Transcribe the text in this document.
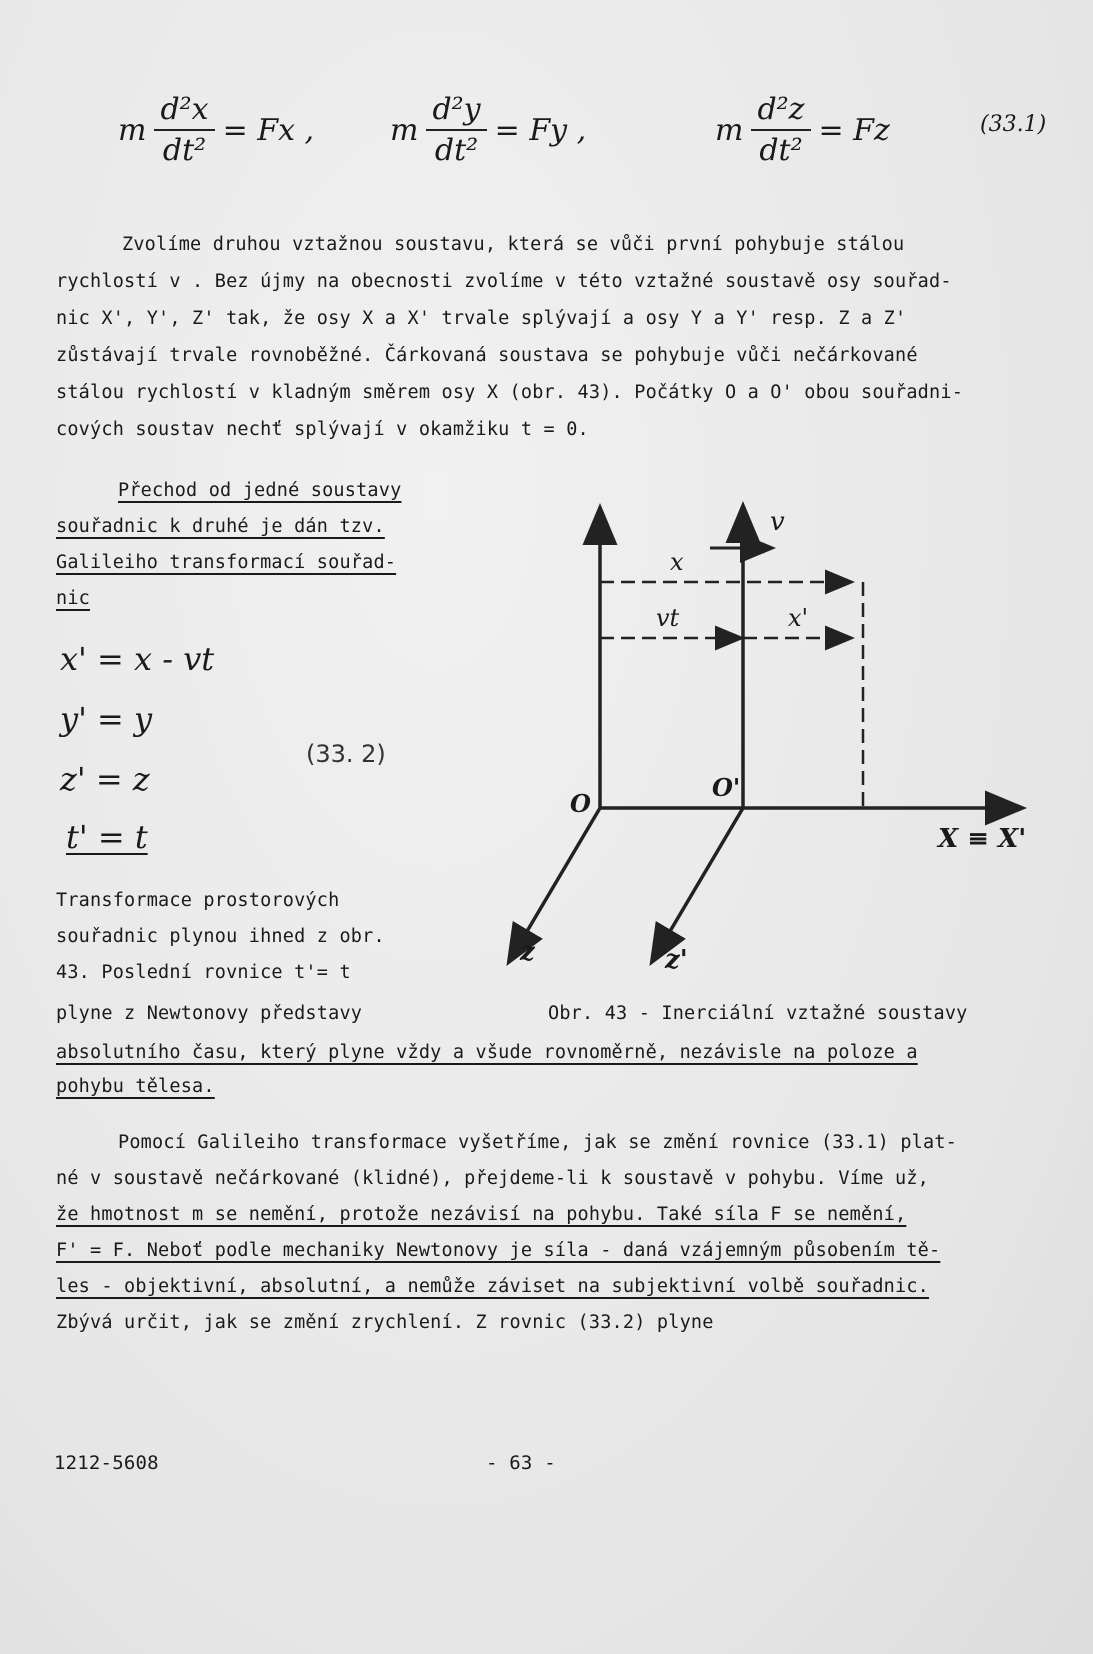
m $\frac{\text{d²x}}{\text{dt²}} = Fx$ ,	m $\frac{\text{d²y}}{\text{dt²}} = Fy$ ,	m $\frac{\text{d²z}}{\text{dt²}} = Fz$	(33.1)

Zvolíme druhou vztažnou soustavu, která se vůči první pohybuje stálou

rychlostí v . Bez újmy na obecnosti zvolíme v této vztažné soustavě osy souřad-

nic X', Y', Z' tak, že osy X a X' trvale splývají a osy Y a Y' resp. Z a Z'

zůstávají trvale rovnoběžné. Čárkovaná soustava se pohybuje vůči nečárkované

stálou rychlostí v kladným směrem osy X (obr. 43). Počátky O a O' obou souřadni-

cových soustav nechť splývají v okamžiku t = 0.

Přechod od jedné soustavy

souřadnic k druhé je dán tzv.

Galileiho transformací souřad-

nic

x' = x - vt
y' = y
z' = z
t' = t
(33. 2)

Transformace prostorových

souřadnic plynou ihned z obr.

43. Poslední rovnice t'= t

plyne z Newtonovy představy

v
x
vt	x'
O
O'
X ≡ X'
z	z'
Obr. 43 - Inerciální vztažné soustavy

absolutního času, který plyne vždy a všude rovnoměrně, nezávisle na poloze a

pohybu tělesa.

Pomocí Galileiho transformace vyšetříme, jak se změní rovnice (33.1) plat-

né v soustavě nečárkované (klidné), přejdeme-li k soustavě v pohybu. Víme už,

že hmotnost m se nemění, protože nezávisí na pohybu. Také síla F se nemění,

F' = F. Neboť podle mechaniky Newtonovy je síla - daná vzájemným působením tě-

les - objektivní, absolutní, a nemůže záviset na subjektivní volbě souřadnic.

Zbývá určit, jak se změní zrychlení. Z rovnic (33.2) plyne

1212-5608	- 63 -
